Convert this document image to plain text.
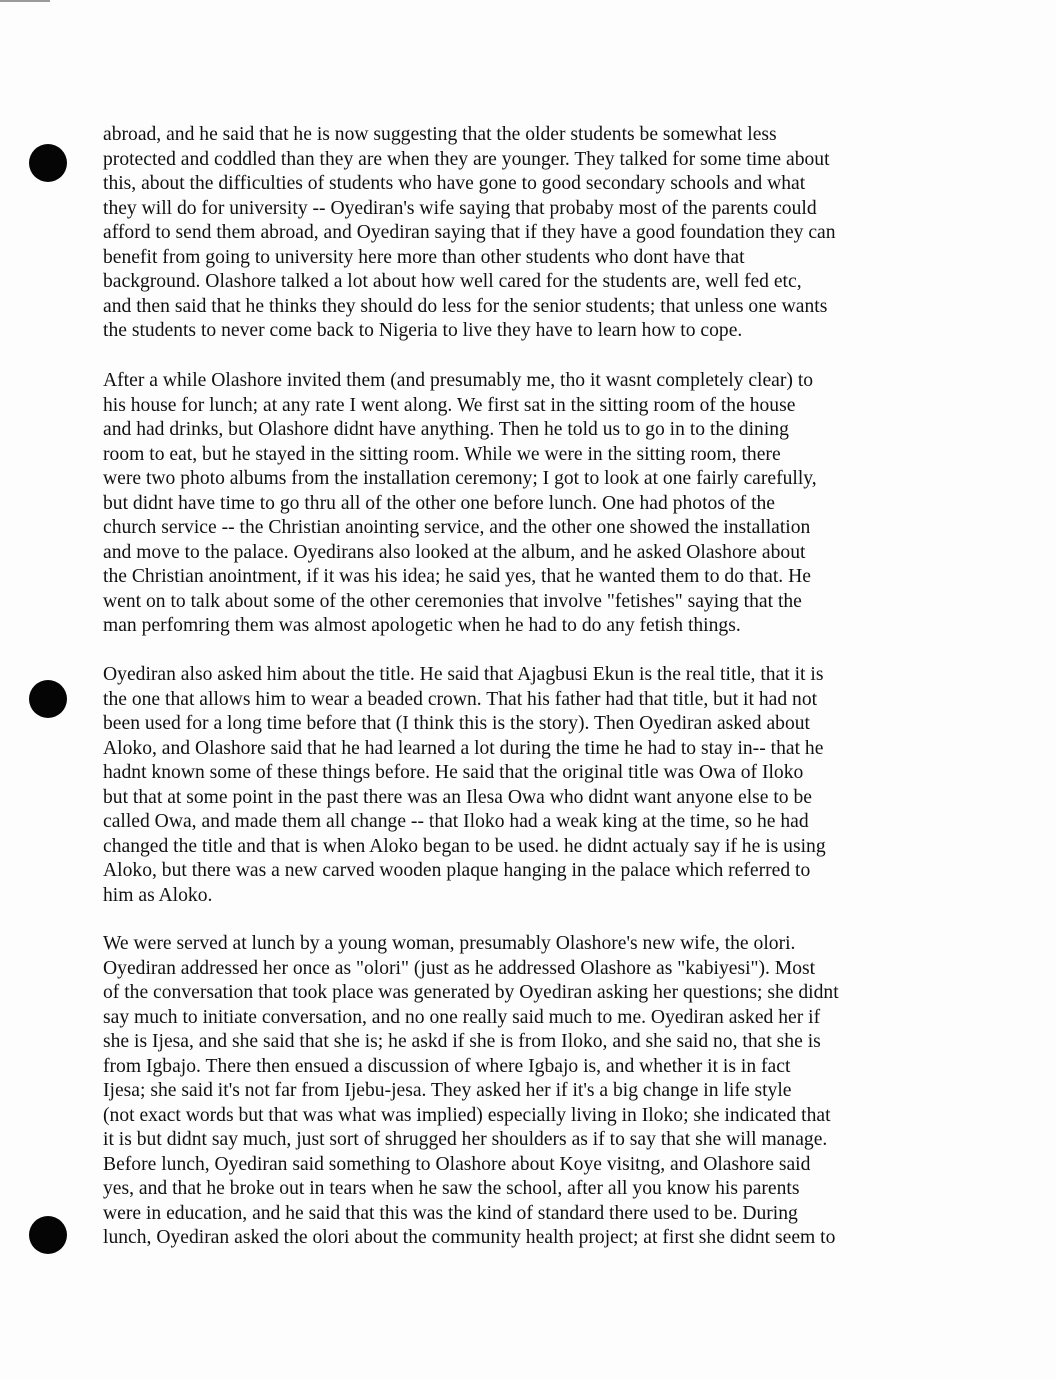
abroad, and he said that he is now suggesting that the older students be somewhat less
protected and coddled than they are when they are younger. They talked for some time about
this, about the difficulties of students who have gone to good secondary schools and what
they will do for university -- Oyediran's wife saying that probaby most of the parents could
afford to send them abroad, and Oyediran saying that if they have a good foundation they can
benefit from going to university here more than other students who dont have that
background. Olashore talked a lot about how well cared for the students are, well fed etc,
and then said that he thinks they should do less for the senior students; that unless one wants
the students to never come back to Nigeria to live they have to learn how to cope.
After a while Olashore invited them (and presumably me, tho it wasnt completely clear) to
his house for lunch; at any rate I went along. We first sat in the sitting room of the house
and had drinks, but Olashore didnt have anything. Then he told us to go in to the dining
room to eat, but he stayed in the sitting room. While we were in the sitting room, there
were two photo albums from the installation ceremony; I got to look at one fairly carefully,
but didnt have time to go thru all of the other one before lunch. One had photos of the
church service -- the Christian anointing service, and the other one showed the installation
and move to the palace. Oyedirans also looked at the album, and he asked Olashore about
the Christian anointment, if it was his idea; he said yes, that he wanted them to do that. He
went on to talk about some of the other ceremonies that involve "fetishes" saying that the
man perfomring them was almost apologetic when he had to do any fetish things.
Oyediran also asked him about the title. He said that Ajagbusi Ekun is the real title, that it is
the one that allows him to wear a beaded crown. That his father had that title, but it had not
been used for a long time before that (I think this is the story). Then Oyediran asked about
Aloko, and Olashore said that he had learned a lot during the time he had to stay in-- that he
hadnt known some of these things before. He said that the original title was Owa of Iloko
but that at some point in the past there was an Ilesa Owa who didnt want anyone else to be
called Owa, and made them all change -- that Iloko had a weak king at the time, so he had
changed the title and that is when Aloko began to be used. he didnt actualy say if he is using
Aloko, but there was a new carved wooden plaque hanging in the palace which referred to
him as Aloko.
We were served at lunch by a young woman, presumably Olashore's new wife, the olori.
Oyediran addressed her once as "olori" (just as he addressed Olashore as "kabiyesi"). Most
of the conversation that took place was generated by Oyediran asking her questions; she didnt
say much to initiate conversation, and no one really said much to me. Oyediran asked her if
she is Ijesa, and she said that she is; he askd if she is from Iloko, and she said no, that she is
from Igbajo. There then ensued a discussion of where Igbajo is, and whether it is in fact
Ijesa; she said it's not far from Ijebu-jesa. They asked her if it's a big change in life style
(not exact words but that was what was implied) especially living in Iloko; she indicated that
it is but didnt say much, just sort of shrugged her shoulders as if to say that she will manage.
Before lunch, Oyediran said something to Olashore about Koye visitng, and Olashore said
yes, and that he broke out in tears when he saw the school, after all you know his parents
were in education, and he said that this was the kind of standard there used to be. During
lunch, Oyediran asked the olori about the community health project; at first she didnt seem to
